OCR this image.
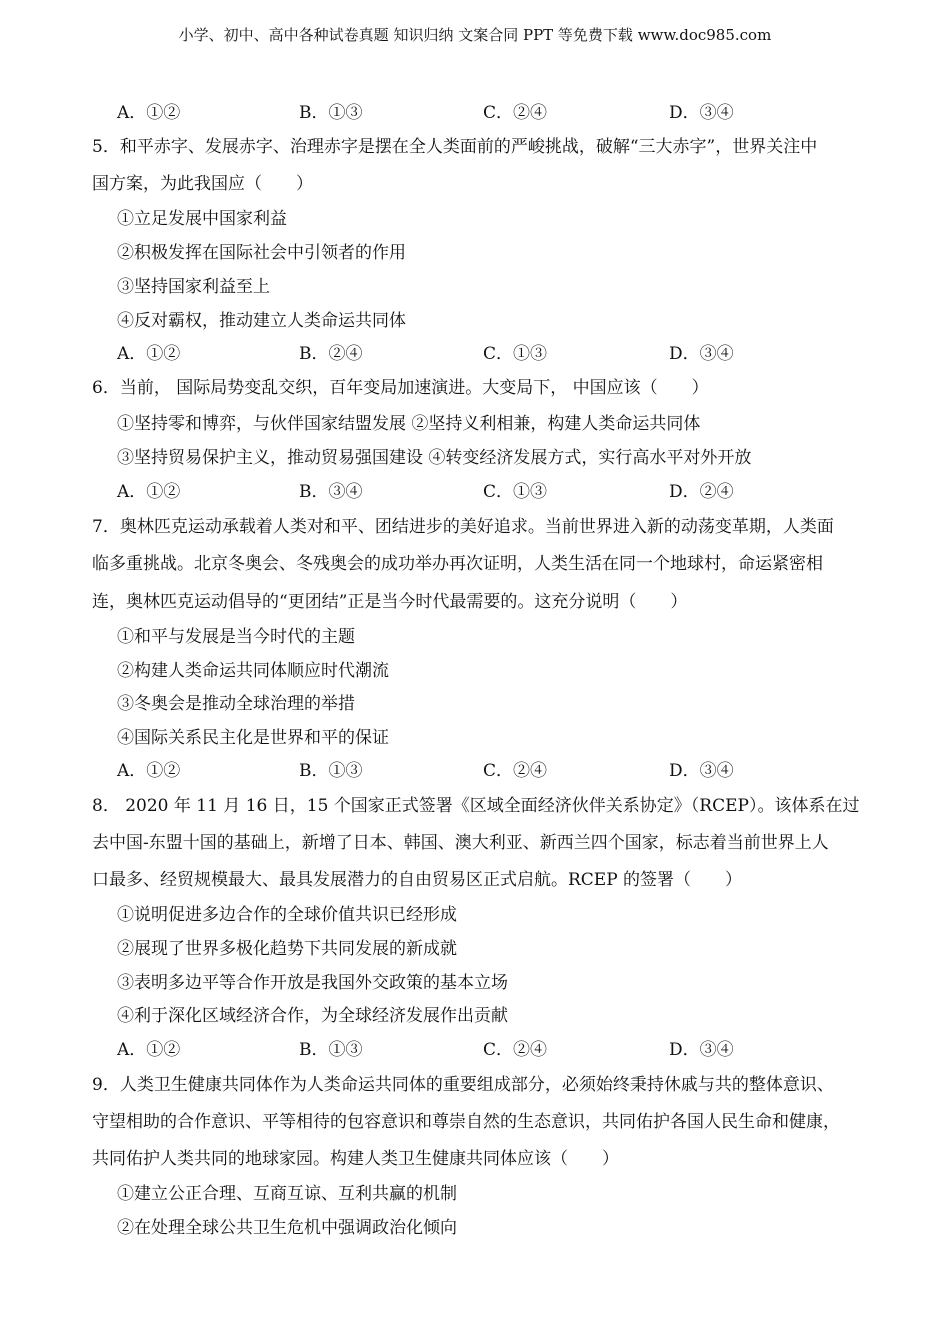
小学、初中、高中各种试卷真题 知识归纳 文案合同 PPT 等免费下载 www.doc985.com
A．①②	B．①③	C．②④	D．③④
5．和平赤字、发展赤字、治理赤字是摆在全人类面前的严峻挑战，破解“三大赤字”，世界关注中
国方案，为此我国应（　　）
①立足发展中国家利益
②积极发挥在国际社会中引领者的作用
③坚持国家利益至上
④反对霸权，推动建立人类命运共同体
A．①②	B．②④	C．①③	D．③④
6．当前， 国际局势变乱交织，百年变局加速演进。大变局下， 中国应该（　　）
①坚持零和博弈，与伙伴国家结盟发展 ②坚持义利相兼，构建人类命运共同体
③坚持贸易保护主义，推动贸易强国建设 ④转变经济发展方式，实行高水平对外开放
A．①②	B．③④	C．①③	D．②④
7．奥林匹克运动承载着人类对和平、团结进步的美好追求。当前世界进入新的动荡变革期，人类面
临多重挑战。北京冬奥会、冬残奥会的成功举办再次证明，人类生活在同一个地球村，命运紧密相
连，奥林匹克运动倡导的“更团结”正是当今时代最需要的。这充分说明（　　）
①和平与发展是当今时代的主题
②构建人类命运共同体顺应时代潮流
③冬奥会是推动全球治理的举措
④国际关系民主化是世界和平的保证
A．①②	B．①③	C．②④	D．③④
8． 2020 年 11 月 16 日，15 个国家正式签署《区域全面经济伙伴关系协定》（RCEP）。该体系在过
去中国-东盟十国的基础上，新增了日本、韩国、澳大利亚、新西兰四个国家，标志着当前世界上人
口最多、经贸规模最大、最具发展潜力的自由贸易区正式启航。RCEP 的签署（　　）
①说明促进多边合作的全球价值共识已经形成
②展现了世界多极化趋势下共同发展的新成就
③表明多边平等合作开放是我国外交政策的基本立场
④利于深化区域经济合作，为全球经济发展作出贡献
A．①②	B．①③	C．②④	D．③④
9．人类卫生健康共同体作为人类命运共同体的重要组成部分，必须始终秉持休戚与共的整体意识、
守望相助的合作意识、平等相待的包容意识和尊崇自然的生态意识，共同佑护各国人民生命和健康，
共同佑护人类共同的地球家园。构建人类卫生健康共同体应该（　　）
①建立公正合理、互商互谅、互利共赢的机制
②在处理全球公共卫生危机中强调政治化倾向
